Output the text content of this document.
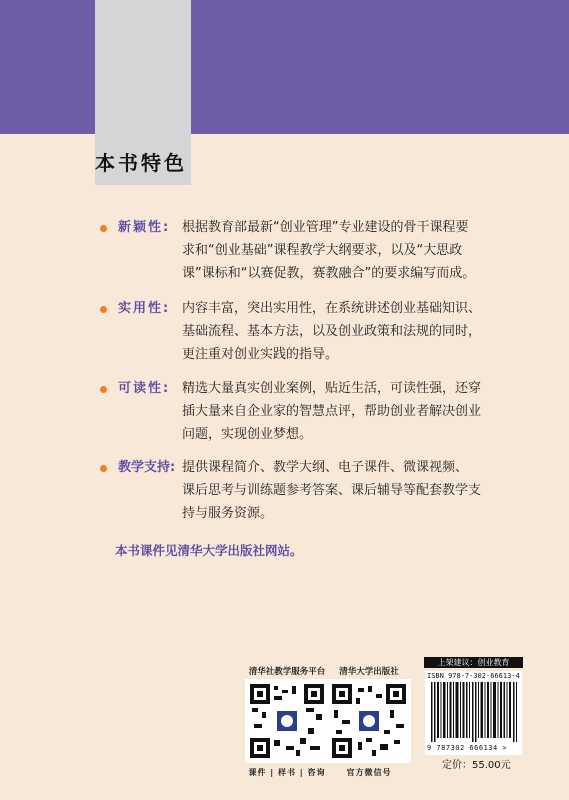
本书特色
新颖性: 根据教育部最新“创业管理”专业建设的骨干课程要
求和“创业基础”课程教学大纲要求，以及“大思政
课”课标和“以赛促教，赛教融合”的要求编写而成。
实用性: 内容丰富，突出实用性，在系统讲述创业基础知识、
基础流程、基本方法，以及创业政策和法规的同时，
更注重对创业实践的指导。
可读性: 精选大量真实创业案例，贴近生活，可读性强，还穿
插大量来自企业家的智慧点评，帮助创业者解决创业
问题，实现创业梦想。
教学支持: 提供课程简介、教学大纲、电子课件、微课视频、
课后思考与训练题参考答案、课后辅导等配套教学支
持与服务资源。
本书课件见清华大学出版社网站。
清华社教学服务平台
课件 | 样书 | 咨询
清华大学出版社
官方微信号
上架建议：创业教育
ISBN 978-7-302-66613-4
9 787302 666134 >
定价：55.00元
